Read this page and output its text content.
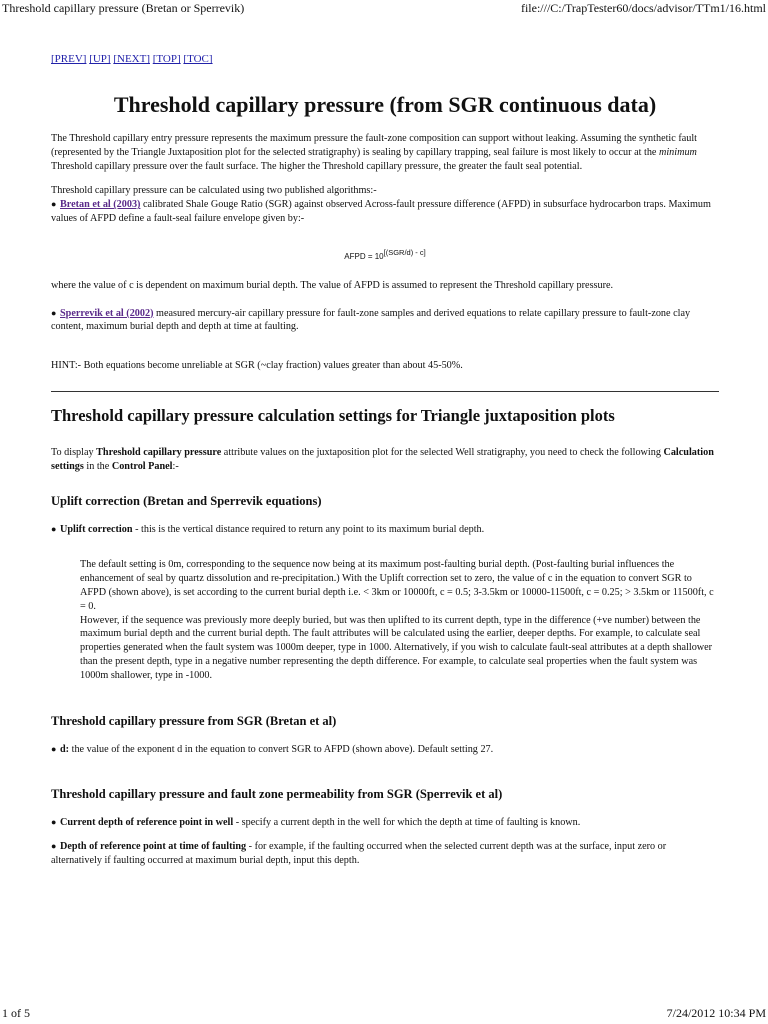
Threshold capillary pressure (Bretan or Sperrevik)	file:///C:/TrapTester60/docs/advisor/TTm1/16.html
[PREV] [UP] [NEXT] [TOP] [TOC]
Threshold capillary pressure (from SGR continuous data)

The Threshold capillary entry pressure represents the maximum pressure the fault-zone composition can support without leaking. Assuming the synthetic fault (represented by the Triangle Juxtaposition plot for the selected stratigraphy) is sealing by capillary trapping, seal failure is most likely to occur at the minimum Threshold capillary pressure over the fault surface. The higher the Threshold capillary pressure, the greater the fault seal potential.

Threshold capillary pressure can be calculated using two published algorithms:-

● Bretan et al (2003) calibrated Shale Gouge Ratio (SGR) against observed Across-fault pressure difference (AFPD) in subsurface hydrocarbon traps. Maximum values of AFPD define a fault-seal failure envelope given by:-

AFPD = 10[(SGR/d) - c]

where the value of c is dependent on maximum burial depth. The value of AFPD is assumed to represent the Threshold capillary pressure.

● Sperrevik et al (2002) measured mercury-air capillary pressure for fault-zone samples and derived equations to relate capillary pressure to fault-zone clay content, maximum burial depth and depth at time at faulting.

HINT:- Both equations become unreliable at SGR (~clay fraction) values greater than about 45-50%.

Threshold capillary pressure calculation settings for Triangle juxtaposition plots

To display Threshold capillary pressure attribute values on the juxtaposition plot for the selected Well stratigraphy, you need to check the following Calculation settings in the Control Panel:-

Uplift correction (Bretan and Sperrevik equations)

● Uplift correction - this is the vertical distance required to return any point to its maximum burial depth.

The default setting is 0m, corresponding to the sequence now being at its maximum post-faulting burial depth. (Post-faulting burial influences the enhancement of seal by quartz dissolution and re-precipitation.) With the Uplift correction set to zero, the value of c in the equation to convert SGR to AFPD (shown above), is set according to the current burial depth i.e. < 3km or 10000ft, c = 0.5; 3-3.5km or 10000-11500ft, c = 0.25; > 3.5km or 11500ft, c = 0.

However, if the sequence was previously more deeply buried, but was then uplifted to its current depth, type in the difference (+ve number) between the maximum burial depth and the current burial depth. The fault attributes will be calculated using the earlier, deeper depths. For example, to calculate seal properties generated when the fault system was 1000m deeper, type in 1000. Alternatively, if you wish to calculate fault-seal attributes at a depth shallower than the present depth, type in a negative number representing the depth difference. For example, to calculate seal properties when the fault system was 1000m shallower, type in -1000.

Threshold capillary pressure from SGR (Bretan et al)

● d: the value of the exponent d in the equation to convert SGR to AFPD (shown above). Default setting 27.

Threshold capillary pressure and fault zone permeability from SGR (Sperrevik et al)

● Current depth of reference point in well - specify a current depth in the well for which the depth at time of faulting is known.

● Depth of reference point at time of faulting - for example, if the faulting occurred when the selected current depth was at the surface, input zero or alternatively if faulting occurred at maximum burial depth, input this depth.

1 of 5	7/24/2012 10:34 PM
